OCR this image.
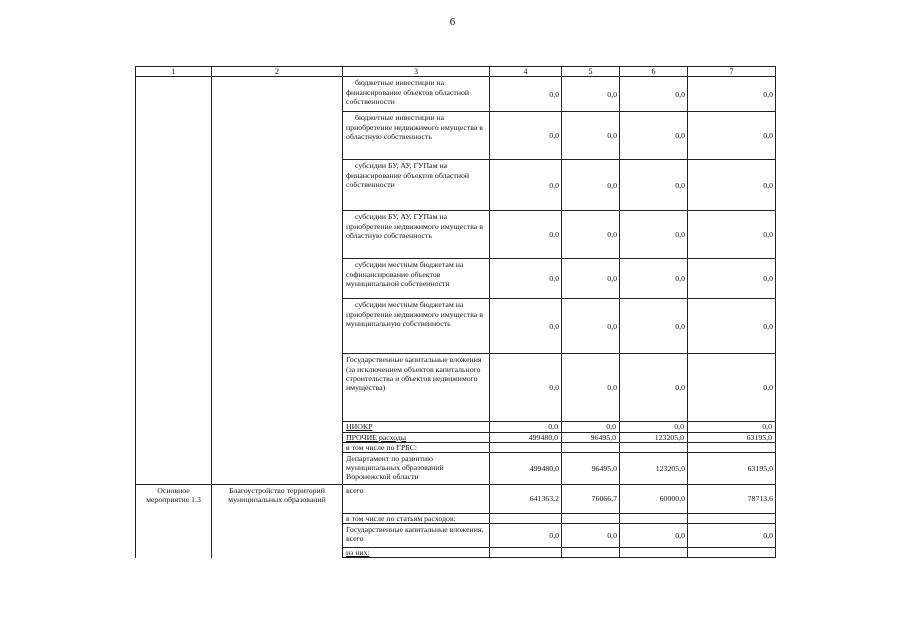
6
1	2	3	4	5	6	7
		бюджетные инвестиции на финансирование объектов областной собственности	0,0	0,0	0,0	0,0
		бюджетные инвестиции на приобретение недвижимого имущества в областную собственность	0,0	0,0	0,0	0,0
		субсидии БУ, АУ, ГУПам на финансирование объектов областной собственности	0,0	0,0	0,0	0,0
		субсидии БУ, АУ, ГУПам на приобретение недвижимого имущества в областную собственность	0,0	0,0	0,0	0,0
		субсидии местным бюджетам на софинансирование объектов муниципальной собственности	0,0	0,0	0,0	0,0
		субсидии местным бюджетам на приобретение недвижимого имущества в муниципальную собственность	0,0	0,0	0,0	0,0
		Государственные капитальные вложения (за исключением объектов капитального строительства и объектов недвижимого имущества)	0,0	0,0	0,0	0,0
		НИОКР	0,0	0,0	0,0	0,0
		ПРОЧИЕ расходы	499480,0	96495,0	123205,0	63195,0
		в том числе по ГРБС:				
		Департамент по развитию муниципальных образований Воронежской области	499480,0	96495,0	123205,0	63195,0
Основное мероприятие 1.3	Благоустройство территорий муниципальных образований	всего	641363,2	76066,7	60000,0	78713,6
		в том числе по статьям расходов:				
		Государственные капитальные вложения, всего	0,0	0,0	0,0	0,0
		из них:				
